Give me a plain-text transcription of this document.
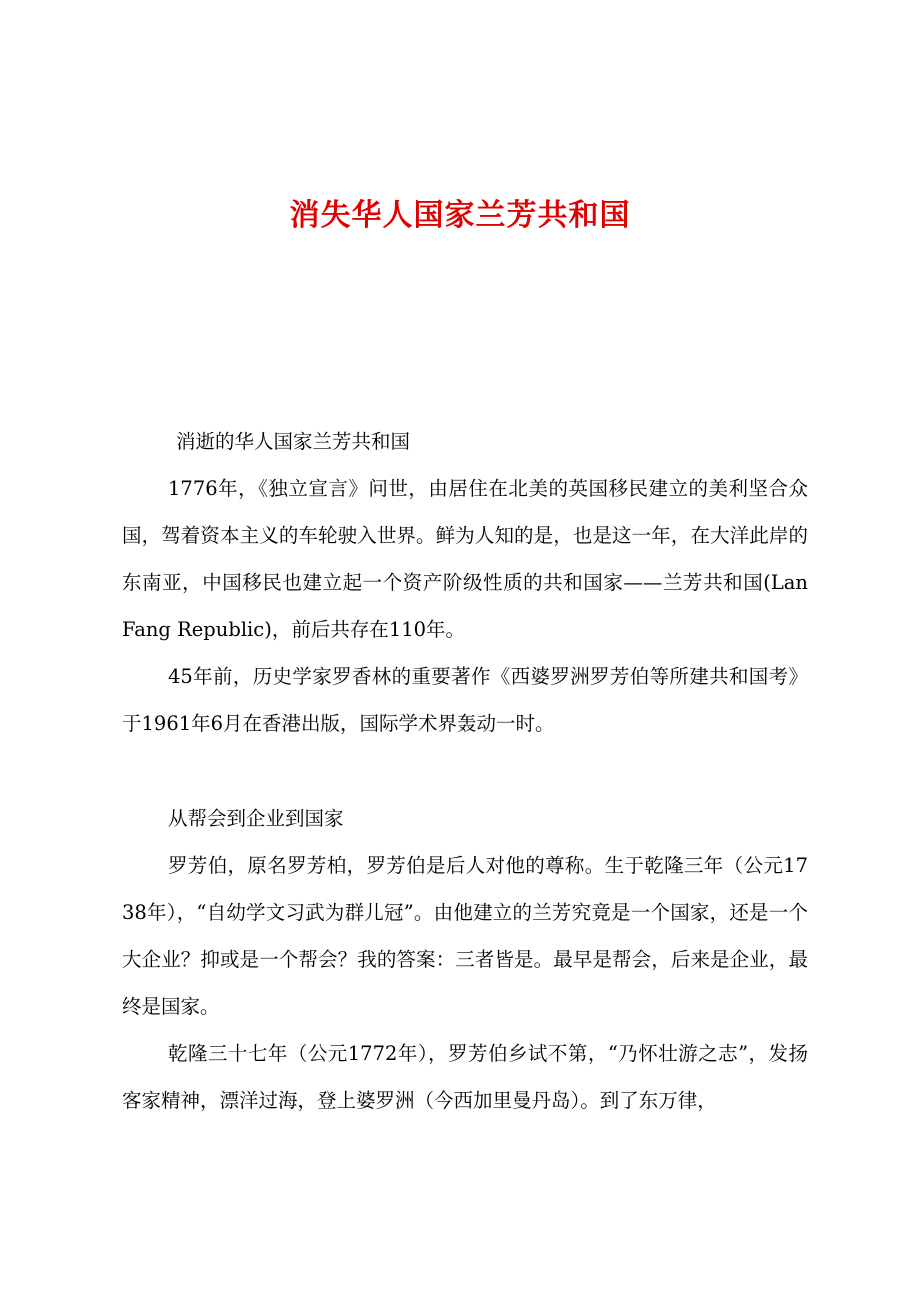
消失华人国家兰芳共和国

消逝的华人国家兰芳共和国

1776年，《独立宣言》问世，由居住在北美的英国移民建立的美利坚合众国，驾着资本主义的车轮驶入世界。鲜为人知的是，也是这一年，在大洋此岸的东南亚，中国移民也建立起一个资产阶级性质的共和国家——兰芳共和国(Lan Fang Republic)，前后共存在110年。

45年前，历史学家罗香林的重要著作《西婆罗洲罗芳伯等所建共和国考》于1961年6月在香港出版，国际学术界轰动一时。

从帮会到企业到国家

罗芳伯，原名罗芳柏，罗芳伯是后人对他的尊称。生于乾隆三年（公元1738年），“自幼学文习武为群儿冠”。由他建立的兰芳究竟是一个国家，还是一个大企业？抑或是一个帮会？我的答案：三者皆是。最早是帮会，后来是企业，最终是国家。

乾隆三十七年（公元1772年），罗芳伯乡试不第，“乃怀壮游之志”，发扬客家精神，漂洋过海，登上婆罗洲（今西加里曼丹岛）。到了东万律，
